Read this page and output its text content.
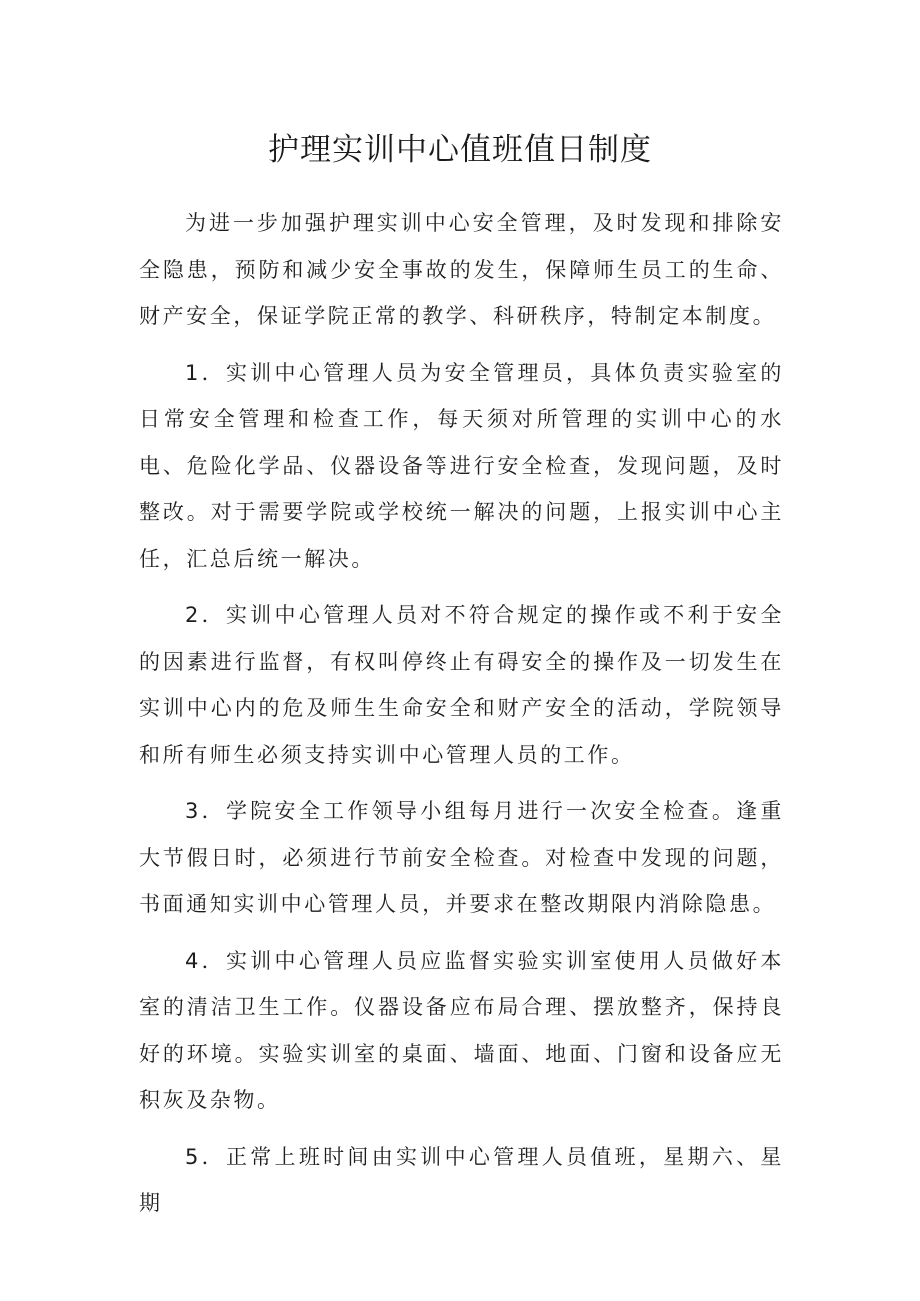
护理实训中心值班值日制度

为进一步加强护理实训中心安全管理，及时发现和排除安全隐患，预防和减少安全事故的发生，保障师生员工的生命、财产安全，保证学院正常的教学、科研秩序，特制定本制度。

1．实训中心管理人员为安全管理员，具体负责实验室的日常安全管理和检查工作，每天须对所管理的实训中心的水电、危险化学品、仪器设备等进行安全检查，发现问题，及时整改。对于需要学院或学校统一解决的问题，上报实训中心主任，汇总后统一解决。

2．实训中心管理人员对不符合规定的操作或不利于安全的因素进行监督，有权叫停终止有碍安全的操作及一切发生在实训中心内的危及师生生命安全和财产安全的活动，学院领导和所有师生必须支持实训中心管理人员的工作。

3．学院安全工作领导小组每月进行一次安全检查。逢重大节假日时，必须进行节前安全检查。对检查中发现的问题，书面通知实训中心管理人员，并要求在整改期限内消除隐患。

4．实训中心管理人员应监督实验实训室使用人员做好本室的清洁卫生工作。仪器设备应布局合理、摆放整齐，保持良好的环境。实验实训室的桌面、墙面、地面、门窗和设备应无积灰及杂物。

5．正常上班时间由实训中心管理人员值班，星期六、星期
